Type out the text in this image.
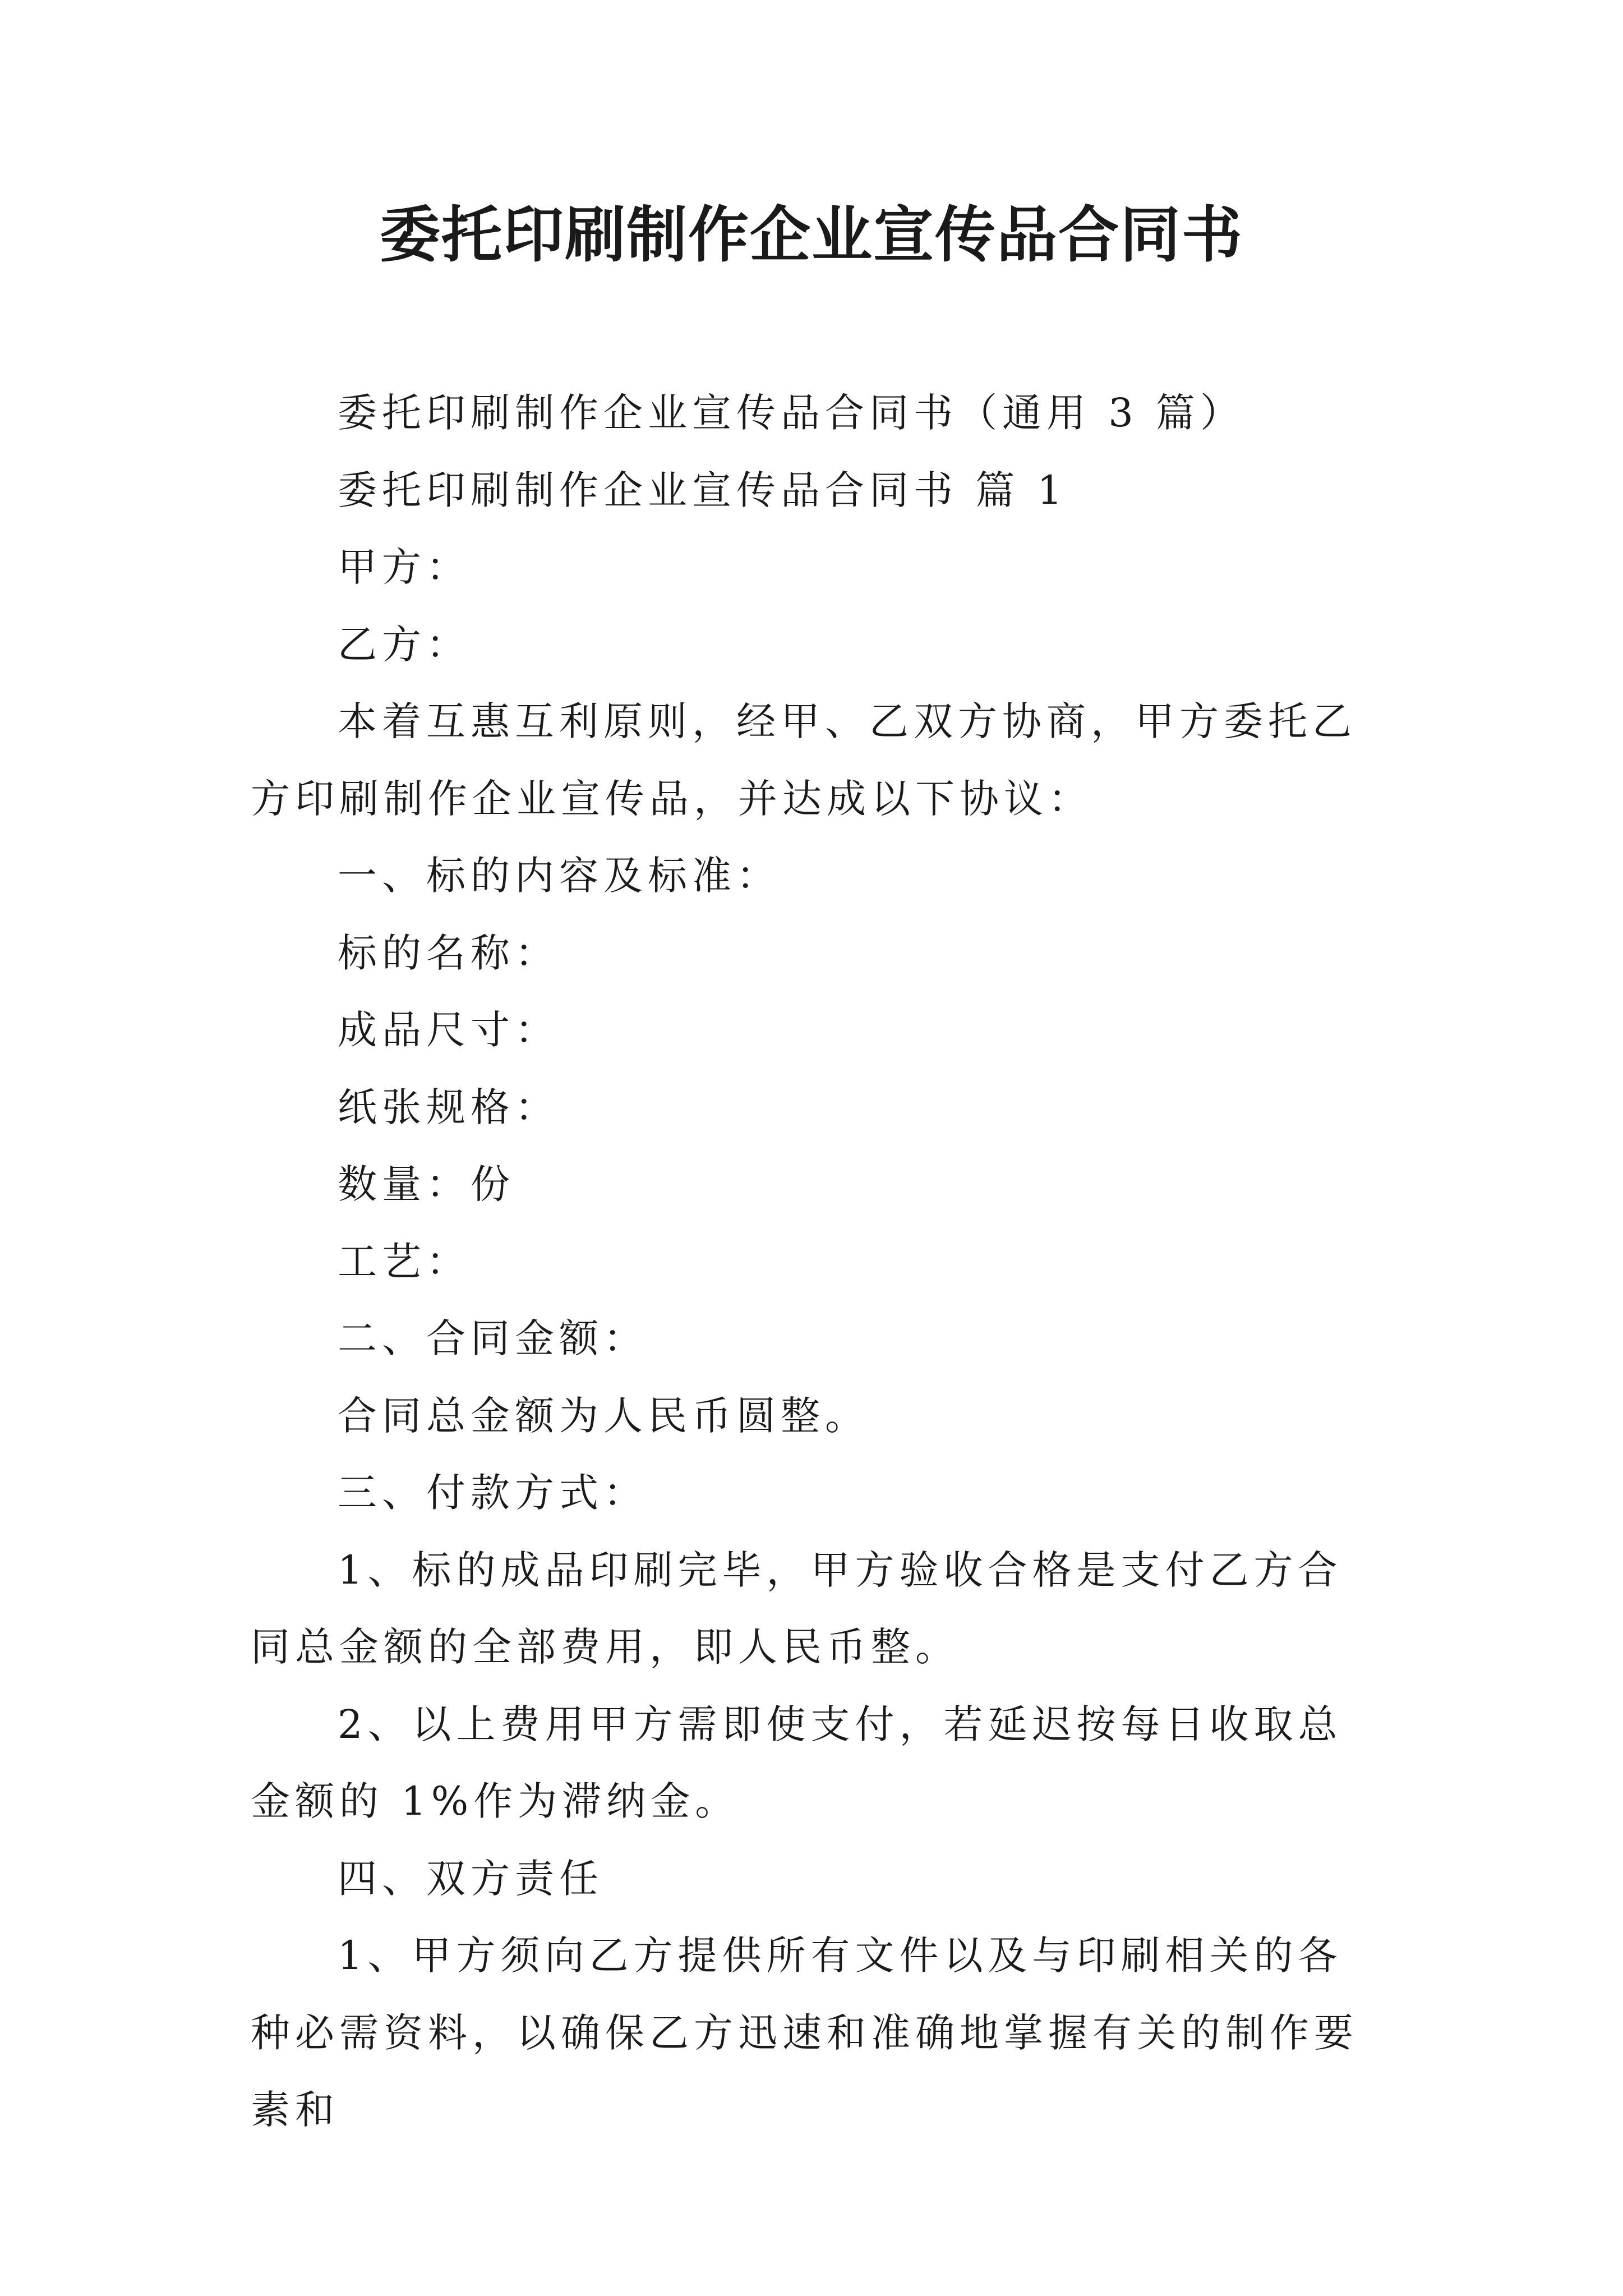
委托印刷制作企业宣传品合同书

委托印刷制作企业宣传品合同书（通用 3 篇）

委托印刷制作企业宣传品合同书 篇 1

甲方：

乙方：

本着互惠互利原则，经甲、乙双方协商，甲方委托乙方印刷制作企业宣传品，并达成以下协议：

一、标的内容及标准：

标的名称：

成品尺寸：

纸张规格：

数量：份

工艺：

二、合同金额：

合同总金额为人民币圆整。

三、付款方式：

1、标的成品印刷完毕，甲方验收合格是支付乙方合同总金额的全部费用，即人民币整。

2、以上费用甲方需即使支付，若延迟按每日收取总金额的 1%作为滞纳金。

四、双方责任

1、甲方须向乙方提供所有文件以及与印刷相关的各种必需资料，以确保乙方迅速和准确地掌握有关的制作要素和
